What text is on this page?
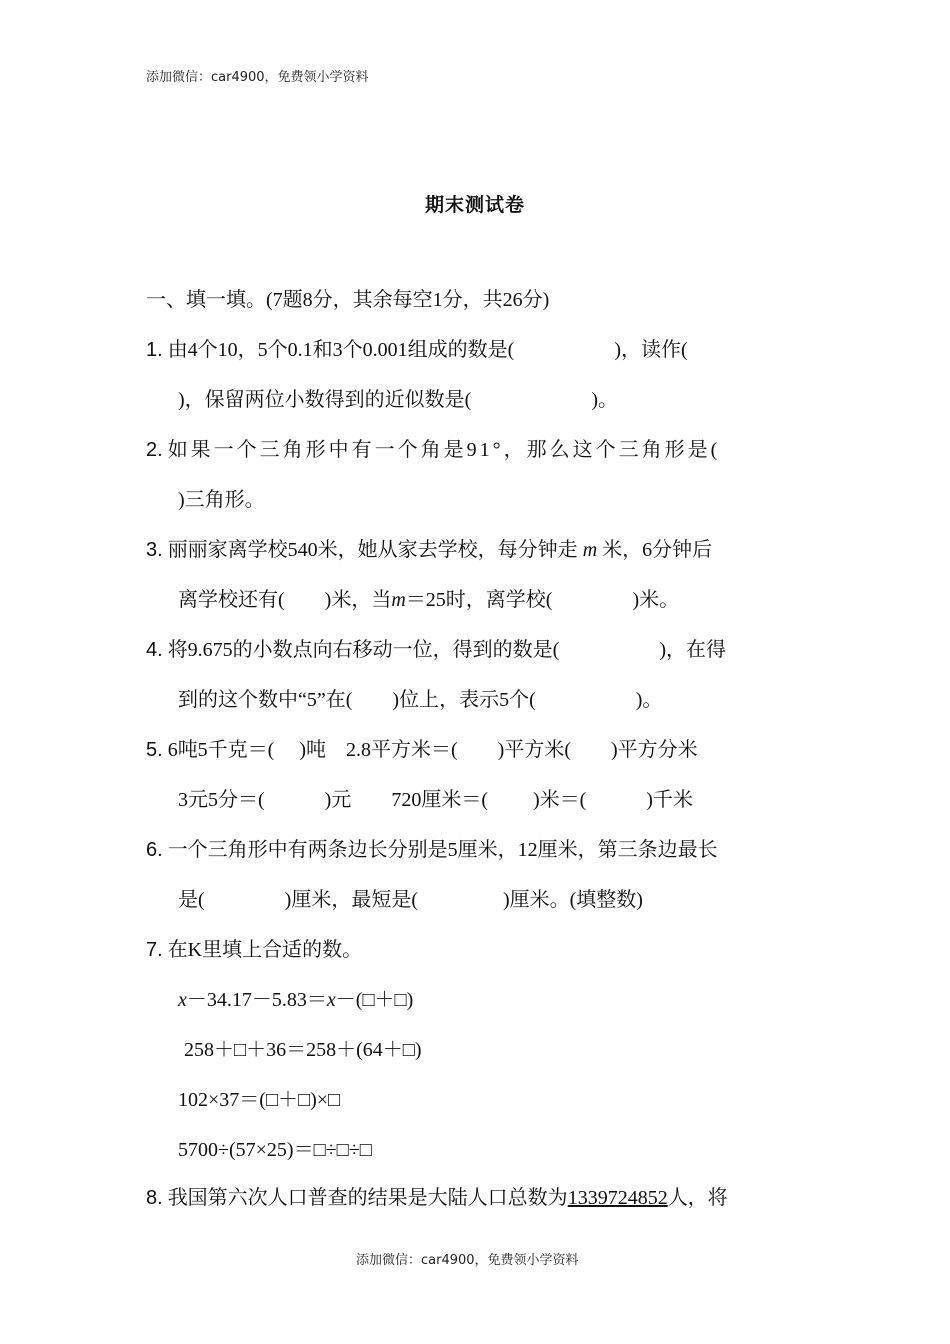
添加微信：car4900，免费领小学资料
期末测试卷
一、填一填。(7题8分，其余每空1分，共26分)
1. 由4个10，5个0.1和3个0.001组成的数是(　　　　　)，读作(
)，保留两位小数得到的近似数是(　　　　　　)。
2. 如果一个三角形中有一个角是91°，那么这个三角形是(
)三角形。
3. 丽丽家离学校540米，她从家去学校，每分钟走 m 米，6分钟后
离学校还有(　　)米，当m＝25时，离学校(　　　　)米。
4. 将9.675的小数点向右移动一位，得到的数是(　　　　　)，在得
到的这个数中“5”在(　　)位上，表示5个(　　　　　)。
5. 6吨5千克＝(　 )吨　2.8平方米＝(　　)平方米(　　)平方分米
3元5分＝(　　　)元　　720厘米＝(　　 )米＝(　　　)千米
6. 一个三角形中有两条边长分别是5厘米，12厘米，第三条边最长
是(　　　　)厘米，最短是(　　　　 )厘米。(填整数)
7. 在K里填上合适的数。
x－34.17－5.83＝x－(□＋□)
258＋□＋36＝258＋(64＋□)
102×37＝(□＋□)×□
5700÷(57×25)＝□÷□÷□
8. 我国第六次人口普查的结果是大陆人口总数为1339724852人，将
添加微信：car4900，免费领小学资料
